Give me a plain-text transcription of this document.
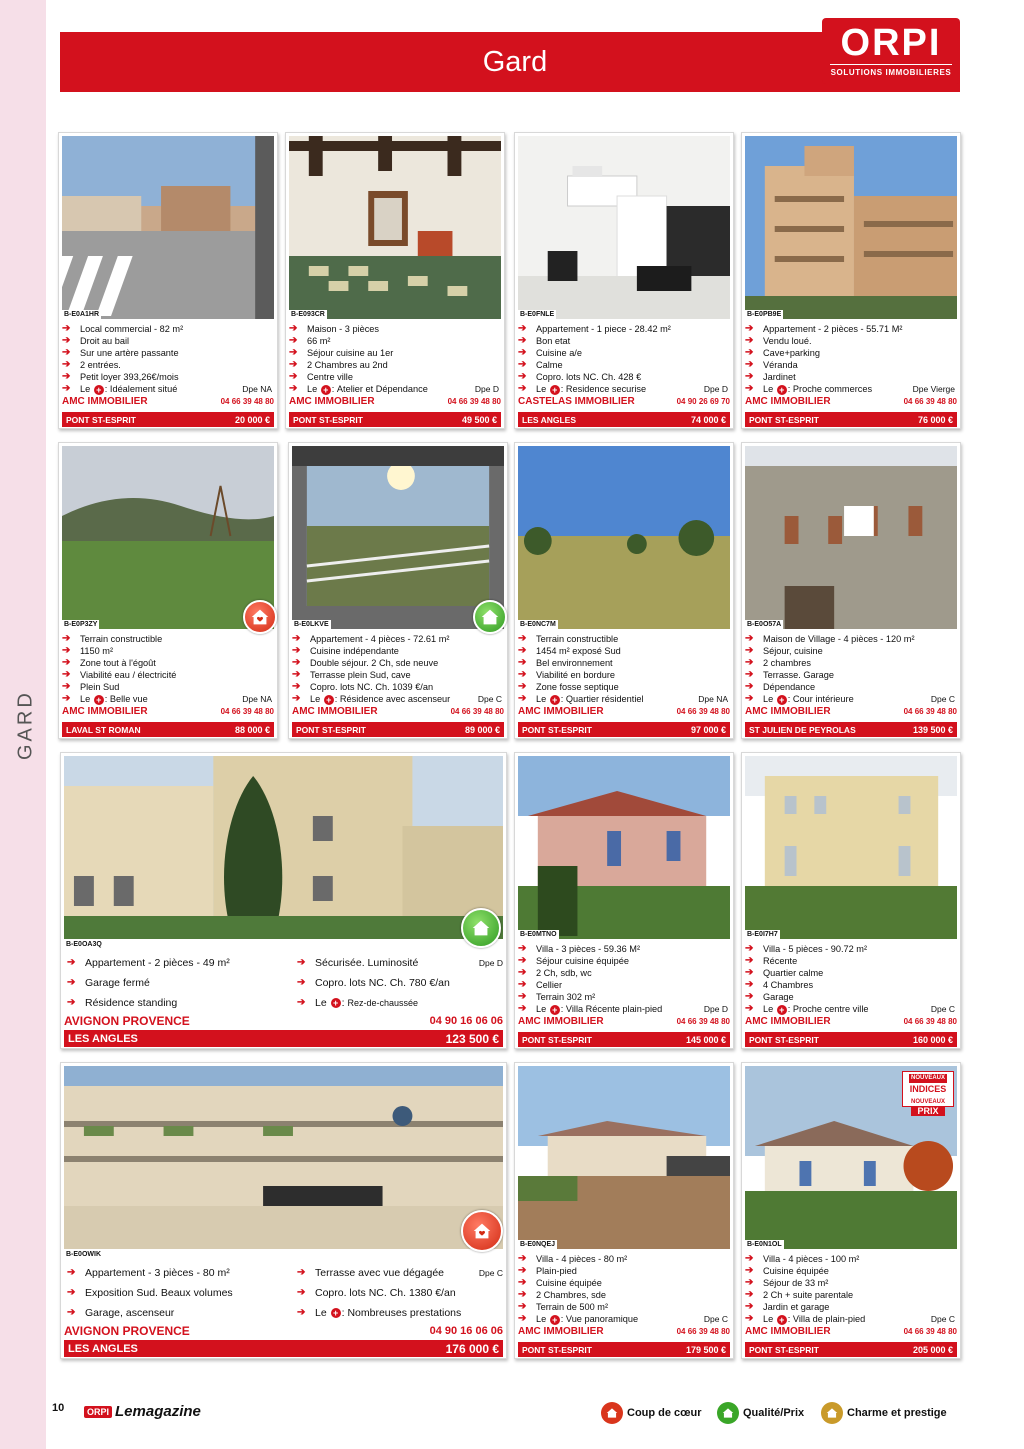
GARD
Gard	ORPI
SOLUTIONS IMMOBILIERES
B-E0A1HR
➔	Local commercial - 82 m²
➔	Droit au bail
➔	Sur une artère passante
➔	2 entrées.
➔	Petit loyer 393,26€/mois
➔	Le
+ : Idéalement situé	Dpe NA
AMC IMMOBILIER	04 66 39 48 80
PONT ST-ESPRIT	20 000 €
B-E093CR
➔	Maison - 3 pièces
➔	66 m²
➔	Séjour cuisine au 1er
➔	2 Chambres au 2nd
➔	Centre ville
➔	Le
+ : Atelier et Dépendance	Dpe D
AMC IMMOBILIER	04 66 39 48 80
PONT ST-ESPRIT	49 500 €
B-E0FNLE
➔	Appartement - 1 piece - 28.42 m²
➔	Bon etat
➔	Cuisine a/e
➔	Calme
➔	Copro. lots NC. Ch. 428 €
➔	Le
+ : Residence securise	Dpe D
CASTELAS IMMOBILIER	04 90 26 69 70
LES ANGLES	74 000 €
B-E0PB9E
➔	Appartement - 2 pièces - 55.71 M²
➔	Vendu loué.
➔	Cave+parking
➔	Véranda
➔	Jardinet
➔	Le
+ : Proche commerces	Dpe Vierge
AMC IMMOBILIER	04 66 39 48 80
PONT ST-ESPRIT	76 000 €
B-E0P3ZY
➔	Terrain constructible
➔	1150 m²
➔	Zone tout à l'égoût
➔	Viabilité eau / électricité
➔	Plein Sud
➔	Le
+ : Belle vue	Dpe NA
AMC IMMOBILIER	04 66 39 48 80
LAVAL ST ROMAN	88 000 €
B-E0LKVE
➔	Appartement - 4 pièces - 72.61 m²
➔	Cuisine indépendante
➔	Double séjour. 2 Ch, sde neuve
➔	Terrasse plein Sud, cave
➔	Copro. lots NC. Ch. 1039 €/an
➔	Le
+ : Résidence avec ascenseur	Dpe C
AMC IMMOBILIER	04 66 39 48 80
PONT ST-ESPRIT	89 000 €
B-E0NC7M
➔	Terrain constructible
➔	1454 m² exposé Sud
➔	Bel environnement
➔	Viabilité en bordure
➔	Zone fosse septique
➔	Le
+ : Quartier résidentiel	Dpe NA
AMC IMMOBILIER	04 66 39 48 80
PONT ST-ESPRIT	97 000 €
B-E0O57A
➔	Maison de Village - 4 pièces - 120 m²
➔	Séjour, cuisine
➔	2 chambres
➔	Terrasse. Garage
➔	Dépendance
➔	Le
+ : Cour intérieure	Dpe C
AMC IMMOBILIER	04 66 39 48 80
ST JULIEN DE PEYROLAS	139 500 €
B-E0OA3Q
➔ Appartement - 2 pièces - 49 m²
➔ Garage fermé
➔ Résidence standing
➔ Sécurisée. Luminosité	Dpe D
➔ Copro. lots NC. Ch. 780 €/an
➔ Le
+ : Rez-de-chaussée
AVIGNON PROVENCE	04 90 16 06 06
LES ANGLES	123 500 €
B-E0MTNO
➔	Villa - 3 pièces - 59.36 M²
➔	Séjour cuisine équipée
➔	2 Ch, sdb, wc
➔	Cellier
➔	Terrain 302 m²
➔	Le
+ : Villa Récente plain-pied	Dpe D
AMC IMMOBILIER	04 66 39 48 80
PONT ST-ESPRIT	145 000 €
B-E0I7H7
➔	Villa - 5 pièces - 90.72 m²
➔	Récente
➔	Quartier calme
➔	4 Chambres
➔	Garage
➔	Le
+ : Proche centre ville	Dpe C
AMC IMMOBILIER	04 66 39 48 80
PONT ST-ESPRIT	160 000 €
B-E0OWIK
➔ Appartement - 3 pièces - 80 m²
➔ Exposition Sud. Beaux volumes
➔ Garage, ascenseur
➔ Terrasse avec vue dégagée	Dpe C
➔ Copro. lots NC. Ch. 1380 €/an
➔ Le
+ : Nombreuses prestations
AVIGNON PROVENCE	04 90 16 06 06
LES ANGLES	176 000 €
B-E0NQEJ
➔	Villa - 4 pièces - 80 m²
➔	Plain-pied
➔	Cuisine équipée
➔	2 Chambres, sde
➔	Terrain de 500 m²
➔	Le
+ : Vue panoramique	Dpe C
AMC IMMOBILIER	04 66 39 48 80
PONT ST-ESPRIT	179 500 €
NOUVEAUX
INDICES
NOUVEAUX
PRIX
B-E0N1OL
➔	Villa - 4 pièces - 100 m²
➔	Cuisine équipée
➔	Séjour de 33 m²
➔	2 Ch + suite parentale
➔	Jardin et garage
➔	Le
+ : Villa de plain-pied	Dpe C
AMC IMMOBILIER	04 66 39 48 80
PONT ST-ESPRIT	205 000 €
10	ORPI Lemagazine	Coup de cœur	Qualité/Prix	Charme et prestige
